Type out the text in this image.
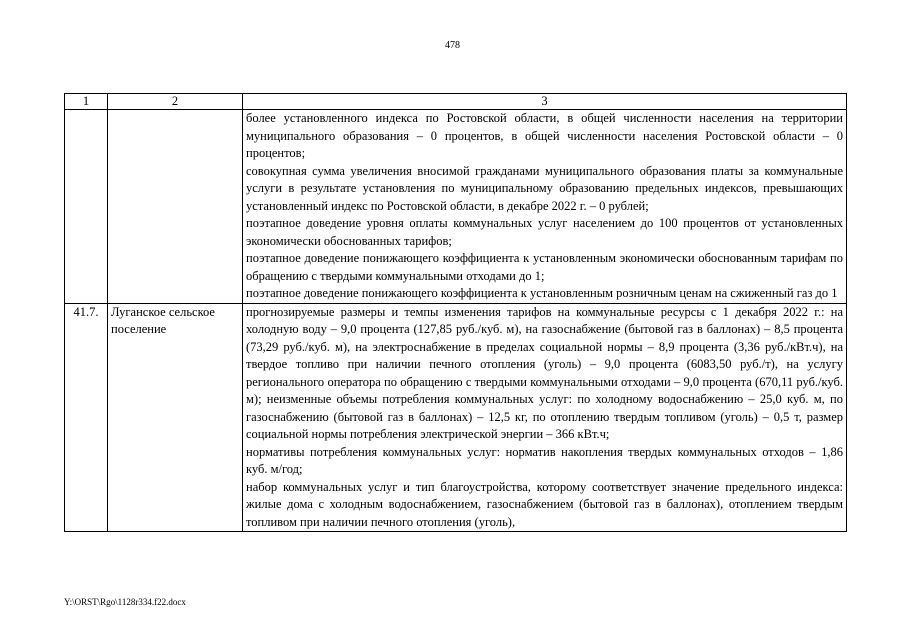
478
1	2	3

		более установленного индекса по Ростовской области, в общей численности населения на территории муниципального образования – 0 процентов, в общей численности населения Ростовской области – 0 процентов;

совокупная сумма увеличения вносимой гражданами муниципального образования платы за коммунальные услуги в результате установления по муниципальному образованию предельных индексов, превышающих установленный индекс по Ростовской области, в декабре 2022 г. – 0 рублей;

поэтапное доведение уровня оплаты коммунальных услуг населением до 100 процентов от установленных экономически обоснованных тарифов;

поэтапное доведение понижающего коэффициента к установленным экономически обоснованным тарифам по обращению с твердыми коммунальными отходами до 1;

поэтапное доведение понижающего коэффициента к установленным розничным ценам на сжиженный газ до 1

41.7.	Луганское сельское поселение	прогнозируемые размеры и темпы изменения тарифов на коммунальные ресурсы с 1 декабря 2022 г.: на холодную воду – 9,0 процента (127,85 руб./куб. м), на газоснабжение (бытовой газ в баллонах) – 8,5 процента (73,29 руб./куб. м), на электроснабжение в пределах социальной нормы – 8,9 процента (3,36 руб./кВт.ч), на твердое топливо при наличии печного отопления (уголь) – 9,0 процента (6083,50 руб./т), на услугу регионального оператора по обращению с твердыми коммунальными отходами – 9,0 процента (670,11 руб./куб. м); неизменные объемы потребления коммунальных услуг: по холодному водоснабжению – 25,0 куб. м, по газоснабжению (бытовой газ в баллонах) – 12,5 кг, по отоплению твердым топливом (уголь) – 0,5 т, размер социальной нормы потребления электрической энергии – 366 кВт.ч;

нормативы потребления коммунальных услуг: норматив накопления твердых коммунальных отходов – 1,86 куб. м/год;

набор коммунальных услуг и тип благоустройства, которому соответствует значение предельного индекса: жилые дома с холодным водоснабжением, газоснабжением (бытовой газ в баллонах), отоплением твердым топливом при наличии печного отопления (уголь),

Y:\ORST\Rgo\1128r334.f22.docx
